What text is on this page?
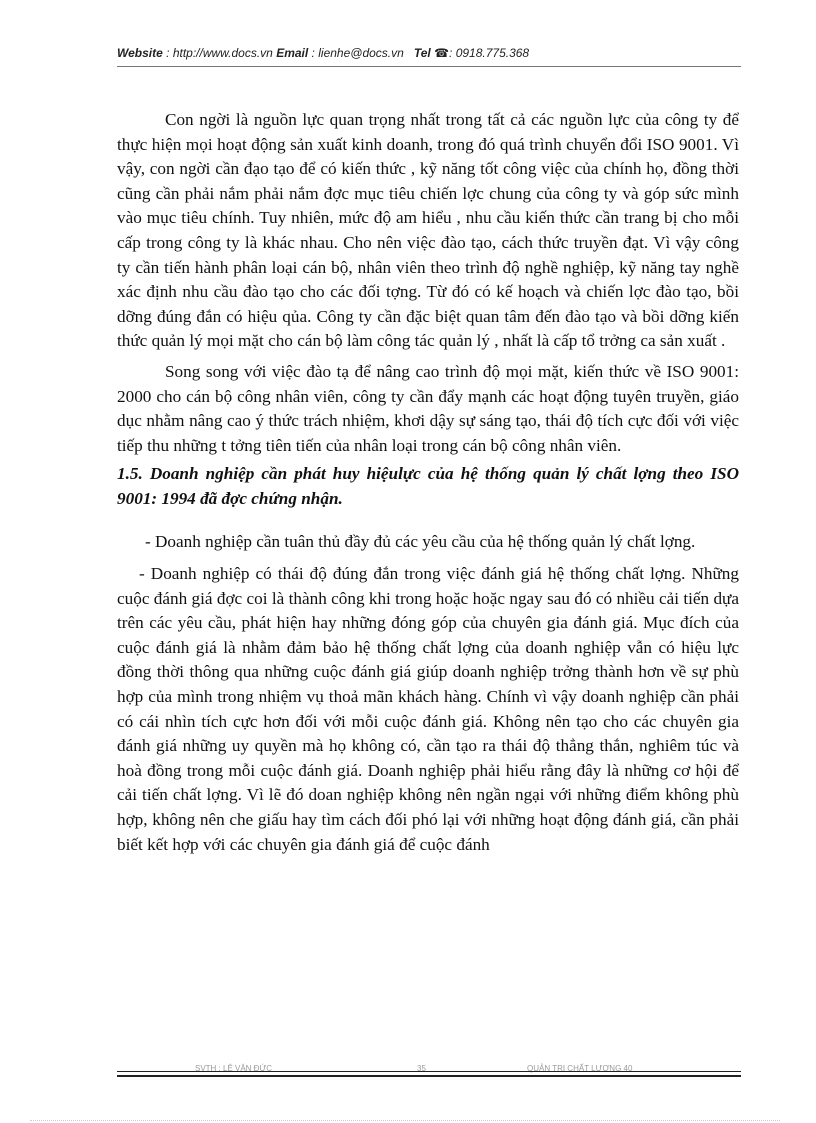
Website : http://www.docs.vn Email : lienhe@docs.vn Tel ☎: 0918.775.368

Con ngời là nguồn lực quan trọng nhất trong tất cả các nguồn lực của công ty để thực hiện mọi hoạt động sản xuất kinh doanh, trong đó quá trình chuyển đổi ISO 9001. Vì vậy, con ngời cần đạo tạo để có kiến thức , kỹ năng tốt công việc của chính họ, đồng thời cũng cần phải nắm phải nắm đợc mục tiêu chiến lợc chung của công ty và góp sức mình vào mục tiêu chính. Tuy nhiên, mức độ am hiểu , nhu cầu kiến thức cần trang bị cho mỗi cấp trong công ty là khác nhau. Cho nên việc đào tạo, cách thức truyền đạt. Vì vậy công ty cần tiến hành phân loại cán bộ, nhân viên theo trình độ nghề nghiệp, kỹ năng tay nghề xác định nhu cầu đào tạo cho các đối tợng. Từ đó có kế hoạch và chiến lợc đào tạo, bồi dỡng đúng đắn có hiệu qủa. Công ty cần đặc biệt quan tâm đến đào tạo và bồi dỡng kiến thức quản lý mọi mặt cho cán bộ làm công tác quản lý , nhất là cấp tổ trởng ca sản xuất .

Song song với việc đào tạ để nâng cao trình độ mọi mặt, kiến thức về ISO 9001: 2000 cho cán bộ công nhân viên, công ty cần đẩy mạnh các hoạt động tuyên truyền, giáo dục nhằm nâng cao ý thức trách nhiệm, khơi dậy sự sáng tạo, thái độ tích cực đối với việc tiếp thu những t tởng tiên tiến của nhân loại trong cán bộ công nhân viên.

1.5. Doanh nghiệp cần phát huy hiệulực của hệ thống quản lý chất lợng theo ISO 9001: 1994 đã đợc chứng nhận.

- Doanh nghiệp cần tuân thủ đầy đủ các yêu cầu của hệ thống quản lý chất lợng.

- Doanh nghiệp có thái độ đúng đắn trong việc đánh giá hệ thống chất lợng. Những cuộc đánh giá đợc coi là thành công khi trong hoặc hoặc ngay sau đó có nhiều cải tiến dựa trên các yêu cầu, phát hiện hay những đóng góp của chuyên gia đánh giá. Mục đích của cuộc đánh giá là nhằm đảm bảo hệ thống chất lợng của doanh nghiệp vẫn có hiệu lực đồng thời thông qua những cuộc đánh giá giúp doanh nghiệp trởng thành hơn về sự phù hợp của mình trong nhiệm vụ thoả mãn khách hàng. Chính vì vậy doanh nghiệp cần phải có cái nhìn tích cực hơn đối với mỗi cuộc đánh giá. Không nên tạo cho các chuyên gia đánh giá những uy quyền mà họ không có, cần tạo ra thái độ thẳng thắn, nghiêm túc và hoà đồng trong mỗi cuộc đánh giá. Doanh nghiệp phải hiểu rằng đây là những cơ hội để cải tiến chất lợng. Vì lẽ đó doan nghiệp không nên ngần ngại với những điểm không phù hợp, không nên che giấu hay tìm cách đối phó lại với những hoạt động đánh giá, cần phải biết kết hợp với các chuyên gia đánh giá để cuộc đánh

SVTH : LÊ VĂN ĐỨC	35	QUẢN TRỊ CHẤT LƯỢNG 40
